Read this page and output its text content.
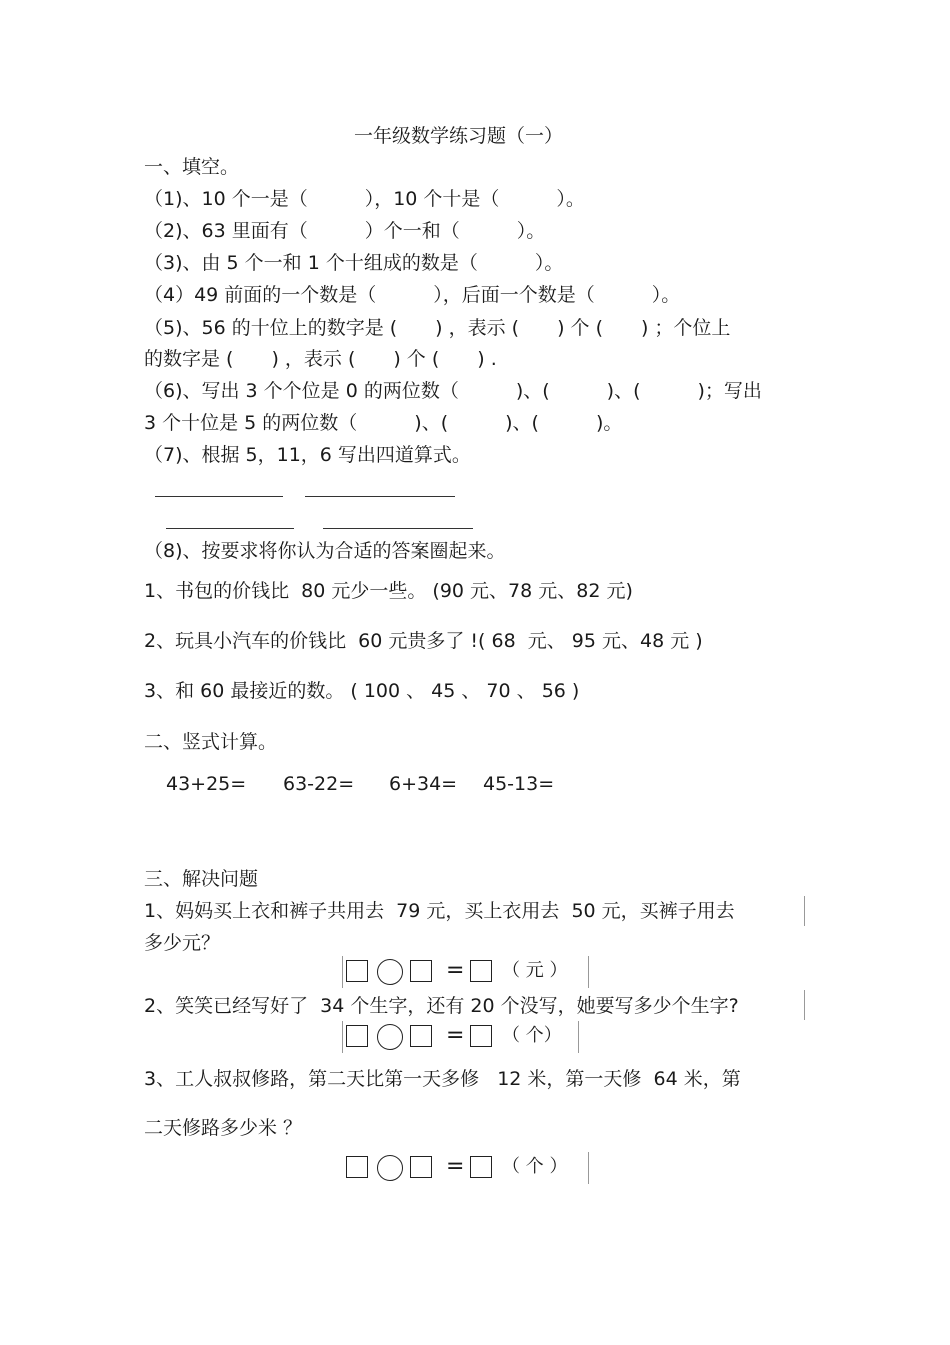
一年级数学练习题（一）
一、填空。
（1)、10 个一是（　　　），10 个十是（　　　）。
（2)、63 里面有（　　　）个一和（　　　）。
（3)、由 5 个一和 1 个十组成的数是（　　　）。
（4）49 前面的一个数是（　　　），后面一个数是（　　　）。
（5)、56 的十位上的数字是 (　　) ，表示 (　　) 个 (　　) ；个位上
的数字是 (　　) ，表示 (　　) 个 (　　) .
（6)、写出 3 个个位是 0 的两位数（　　　)、(　　　)、(　　　)；写出
3 个十位是 5 的两位数（　　　)、(　　　)、(　　　)。
（7)、根据 5，11，6 写出四道算式。
（8)、按要求将你认为合适的答案圈起来。
1、书包的价钱比  80 元少一些。 (90 元、78 元、82 元)
2、玩具小汽车的价钱比  60 元贵多了 !( 68  元、 95 元、48 元 )
3、和 60 最接近的数。 ( 100 、 45 、 70 、 56 )
二、竖式计算。
43+25= 63-22= 6+34= 45-13=
三、解决问题
1、妈妈买上衣和裤子共用去  79 元，买上衣用去  50 元，买裤子用去
多少元？
= （ 元 ）
2、笑笑已经写好了  34 个生字，还有 20 个没写，她要写多少个生字?
= （ 个）
3、工人叔叔修路，第二天比第一天多修   12 米，第一天修  64 米，第
二天修路多少米 ？
= （ 个 ）
